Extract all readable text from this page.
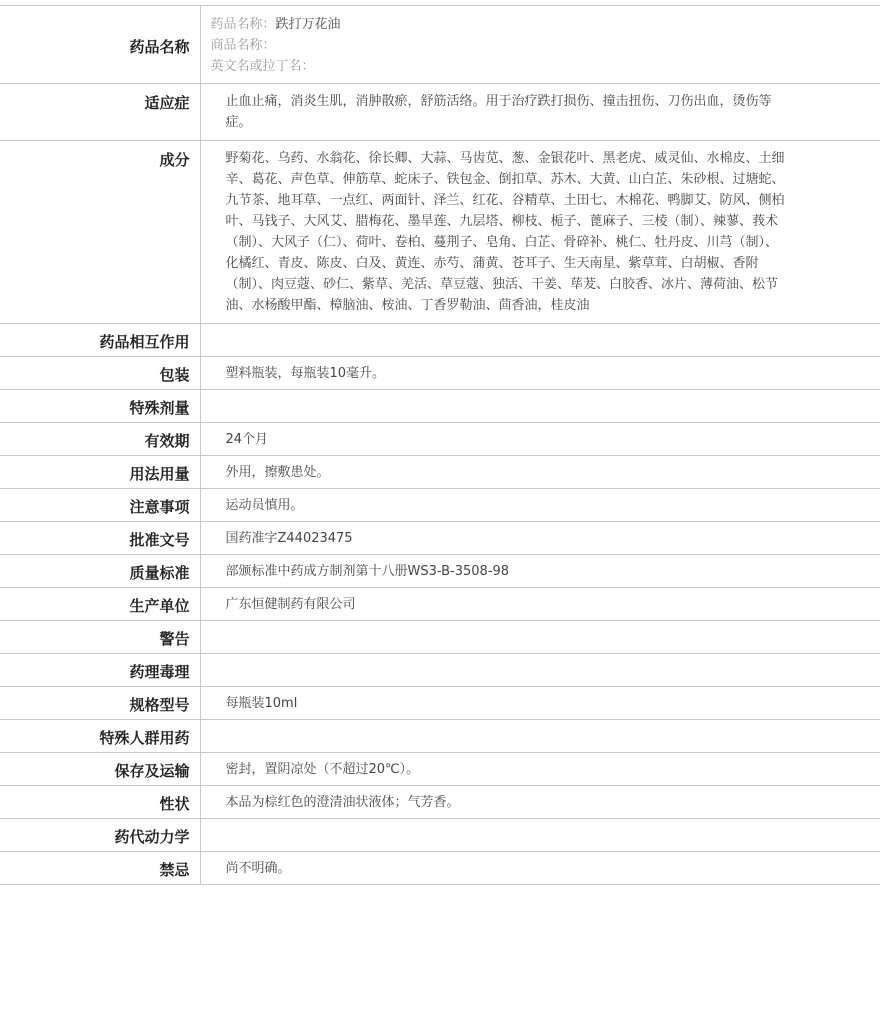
药品名称	药品名称：跌打万花油
商品名称：
英文名或拉丁名：

适应症	止血止痛，消炎生肌，消肿散瘀，舒筋活络。用于治疗跌打损伤、撞击扭伤、刀伤出血，烫伤等症。
成分	野菊花、乌药、水翁花、徐长卿、大蒜、马齿苋、葱、金银花叶、黑老虎、威灵仙、水棉皮、土细辛、葛花、声色草、伸筋草、蛇床子、铁包金、倒扣草、苏木、大黄、山白芷、朱砂根、过塘蛇、九节茶、地耳草、一点红、两面针、泽兰、红花、谷精草、土田七、木棉花、鸭脚艾、防风、侧柏叶、马钱子、大风艾、腊梅花、墨旱莲、九层塔、柳枝、栀子、蓖麻子、三棱（制）、辣蓼、莪术（制）、大风子（仁）、荷叶、卷柏、蔓荆子、皂角、白芷、骨碎补、桃仁、牡丹皮、川芎（制）、化橘红、青皮、陈皮、白及、黄连、赤芍、蒲黄、苍耳子、生天南星、紫草茸、白胡椒、香附（制）、肉豆蔻、砂仁、紫草、羌活、草豆蔻、独活、干姜、荜茇、白胶香、冰片、薄荷油、松节油、水杨酸甲酯、樟脑油、桉油、丁香罗勒油、茴香油，桂皮油
药品相互作用	
包装	塑料瓶装，每瓶装10毫升。
特殊剂量	
有效期	24个月
用法用量	外用，擦敷患处。
注意事项	运动员慎用。
批准文号	国药准字Z44023475
质量标准	部颁标准中药成方制剂第十八册WS3-B-3508-98
生产单位	广东恒健制药有限公司
警告	
药理毒理	
规格型号	每瓶装10ml
特殊人群用药	
保存及运输	密封，置阴凉处（不超过20℃）。
性状	本品为棕红色的澄清油状液体；气芳香。
药代动力学	
禁忌	尚不明确。
